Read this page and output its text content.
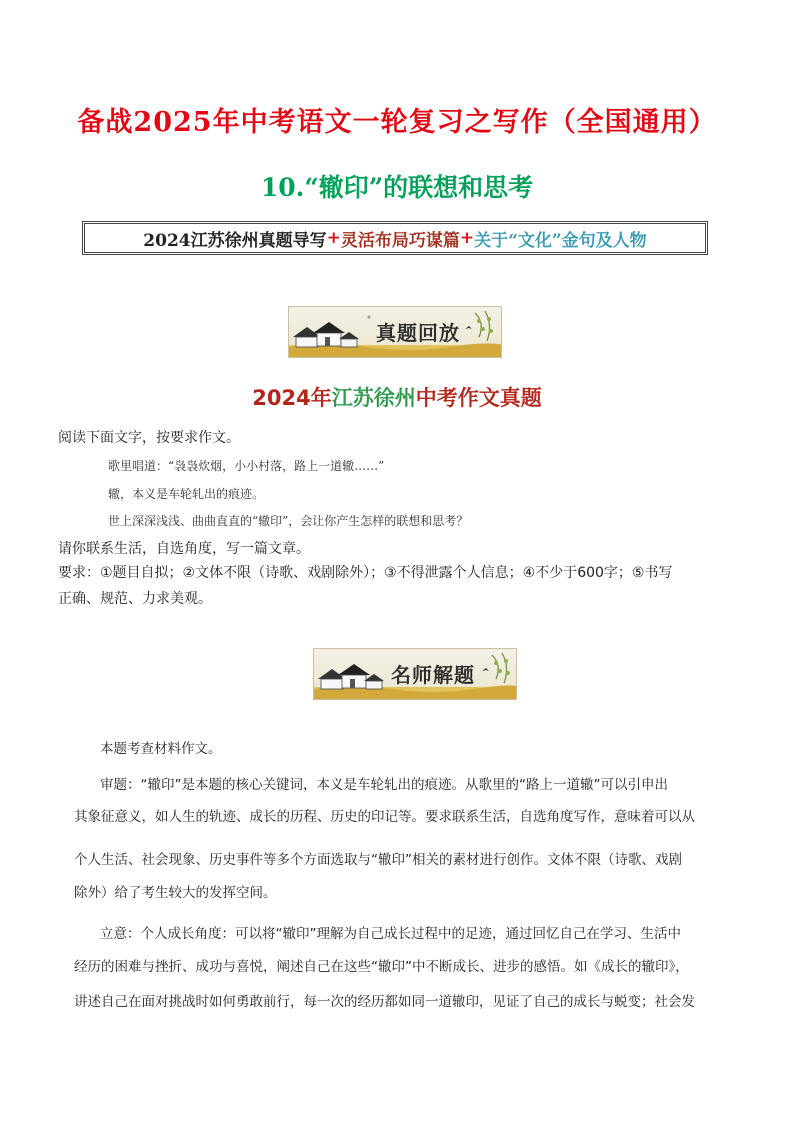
备战2025年中考语文一轮复习之写作（全国通用）
10.“辙印”的联想和思考
2024江苏徐州真题导写 + 灵活布局巧谋篇 + 关于“文化”金句及人物
真题回放
2024年江苏徐州中考作文真题
阅读下面文字，按要求作文。
歌里唱道：“袅袅炊烟，小小村落，路上一道辙……”
辙，本义是车轮轧出的痕迹。
世上深深浅浅、曲曲直直的“辙印”，会让你产生怎样的联想和思考？
请你联系生活，自选角度，写一篇文章。
要求：①题目自拟；②文体不限（诗歌、戏剧除外）；③不得泄露个人信息；④不少于600字；⑤书写
正确、规范、力求美观。
名师解题
本题考查材料作文。
审题：“辙印”是本题的核心关键词，本义是车轮轧出的痕迹。从歌里的“路上一道辙”可以引申出
其象征意义，如人生的轨迹、成长的历程、历史的印记等。要求联系生活，自选角度写作，意味着可以从
个人生活、社会现象、历史事件等多个方面选取与“辙印”相关的素材进行创作。文体不限（诗歌、戏剧
除外）给了考生较大的发挥空间。
立意：个人成长角度：可以将“辙印”理解为自己成长过程中的足迹，通过回忆自己在学习、生活中
经历的困难与挫折、成功与喜悦，阐述自己在这些“辙印”中不断成长、进步的感悟。如《成长的辙印》，
讲述自己在面对挑战时如何勇敢前行，每一次的经历都如同一道辙印，见证了自己的成长与蜕变；社会发
